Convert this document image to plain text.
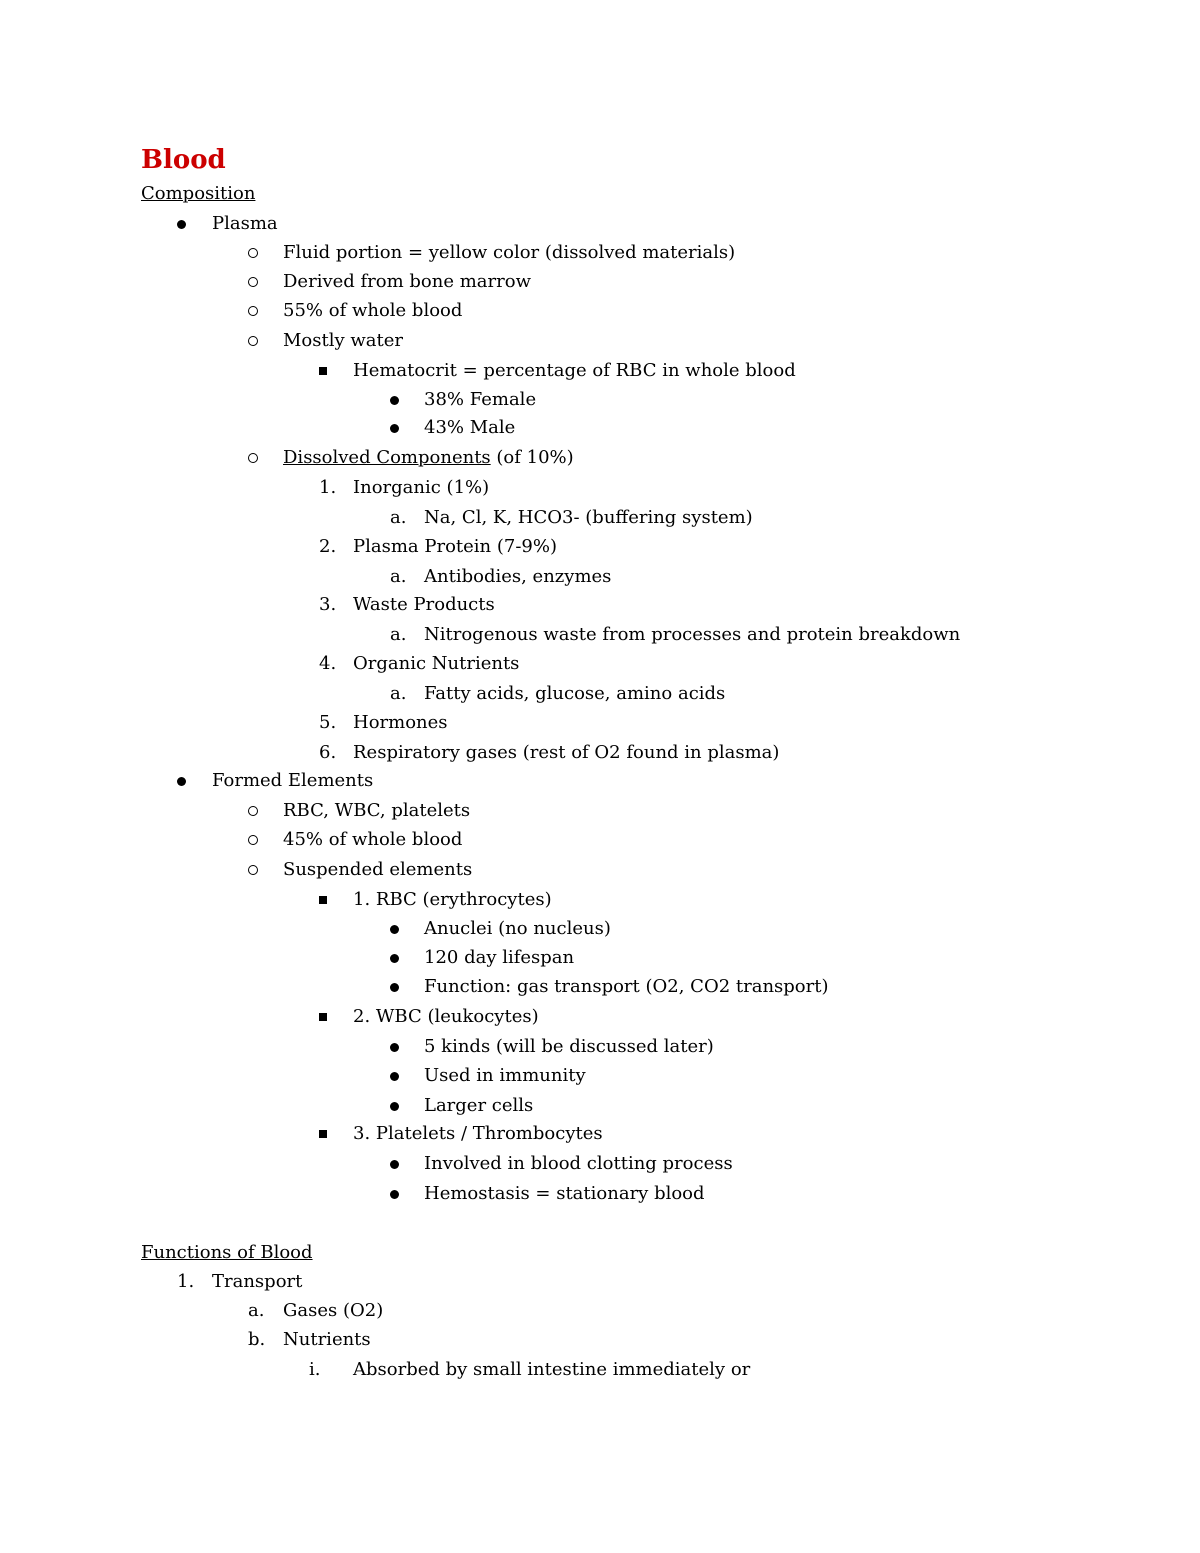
Blood
Composition
Plasma
Fluid portion = yellow color (dissolved materials)
Derived from bone marrow
55% of whole blood
Mostly water
Hematocrit = percentage of RBC in whole blood
38% Female
43% Male
Dissolved Components (of 10%)
1. Inorganic (1%)
a. Na, Cl, K, HCO3- (buffering system)
2. Plasma Protein (7-9%)
a. Antibodies, enzymes
3. Waste Products
a. Nitrogenous waste from processes and protein breakdown
4. Organic Nutrients
a. Fatty acids, glucose, amino acids
5. Hormones
6. Respiratory gases (rest of O2 found in plasma)
Formed Elements
RBC, WBC, platelets
45% of whole blood
Suspended elements
1. RBC (erythrocytes)
Anuclei (no nucleus)
120 day lifespan
Function: gas transport (O2, CO2 transport)
2. WBC (leukocytes)
5 kinds (will be discussed later)
Used in immunity
Larger cells
3. Platelets / Thrombocytes
Involved in blood clotting process
Hemostasis = stationary blood
Functions of Blood
1. Transport
a. Gases (O2)
b. Nutrients
i. Absorbed by small intestine immediately or
